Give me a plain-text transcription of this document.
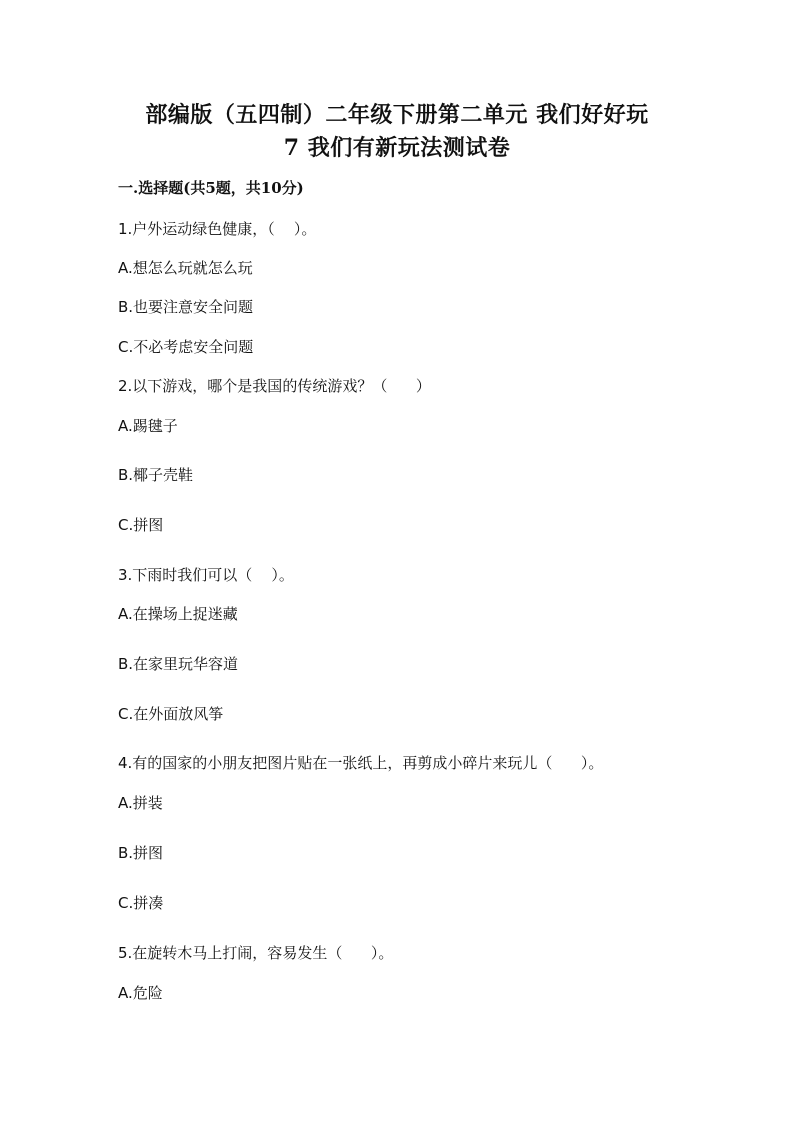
部编版（五四制）二年级下册第二单元 我们好好玩
7 我们有新玩法测试卷
一.选择题(共5题，共10分)
1.户外运动绿色健康，（    ）。
A.想怎么玩就怎么玩
B.也要注意安全问题
C.不必考虑安全问题
2.以下游戏，哪个是我国的传统游戏？（      ）
A.踢毽子
B.椰子壳鞋
C.拼图
3.下雨时我们可以（    ）。
A.在操场上捉迷藏
B.在家里玩华容道
C.在外面放风筝
4.有的国家的小朋友把图片贴在一张纸上，再剪成小碎片来玩儿（      ）。
A.拼装
B.拼图
C.拼凑
5.在旋转木马上打闹，容易发生（      ）。
A.危险
